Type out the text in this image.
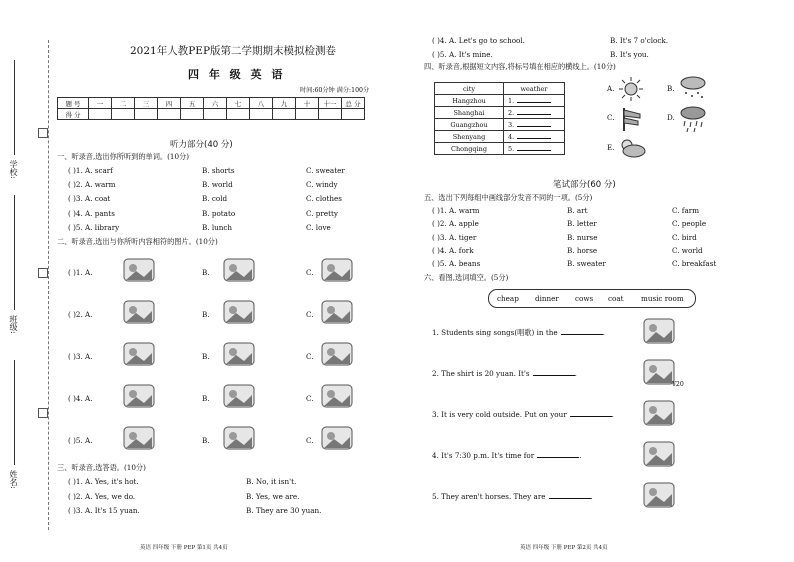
学校:
班级:
姓名:
2021年人教PEP版第二学期期末模拟检测卷
四 年 级 英 语
时间:60分钟 满分:100分
题 号	一	二	三	四	五	六	七	八	九	十	十一	总 分
得 分												
听力部分(40 分)
一、听录音,选出你所听到的单词。(10分)
( )1. A. scarf	B. shorts	C. sweater
( )2. A. warm	B. world	C. windy
( )3. A. coat	B. cold	C. clothes
( )4. A. pants	B. potato	C. pretty
( )5. A. library	B. lunch	C. love
二、听录音,选出与你所听内容相符的图片。(10分)
( )1. A.	B.	C.
( )2. A.	B.	C.
( )3. A.	B.	C.
( )4. A.	B.	C.
( )5. A.	B.	C.
三、听录音,选答语。(10分)
( )1. A. Yes, it's hot.	B. No, it isn't.
( )2. A. Yes, we do.	B. Yes, we are.
( )3. A. It's 15 yuan.	B. They are 30 yuan.
( )4. A. Let's go to school.	B. It's 7 o'clock.
( )5. A. It's mine.	B. It's you.
四、听录音,根据短文内容,将标号填在相应的横线上。(10分)
city	weather
Hangzhou	1.
Shanghai	2.
Guangzhou	3.
Shenyang	4.
Chongqing	5.
A.	B.
C.	D.
E.
笔试部分(60 分)
五、选出下列每组中画线部分发音不同的一项。(5分)
( )1. A. warm	B. art	C. farm
( )2. A. apple	B. letter	C. people
( )3. A. tiger	B. nurse	C. bird
( )4. A. fork	B. horse	C. world
( )5. A. beans	B. sweater	C. breakfast
六、看图,选词填空。(5分)
cheap dinner cows coat music room
1. Students sing songs(唱歌) in the	.
2. The shirt is 20 yuan. It's	.
3. It is very cold outside. Put on your	.
4. It's 7:30 p.m. It's time for	.
5. They aren't horses. They are	.
¥20
英语 四年级 下册 PEP 第1页 共4页	英语 四年级 下册 PEP 第2页 共4页
